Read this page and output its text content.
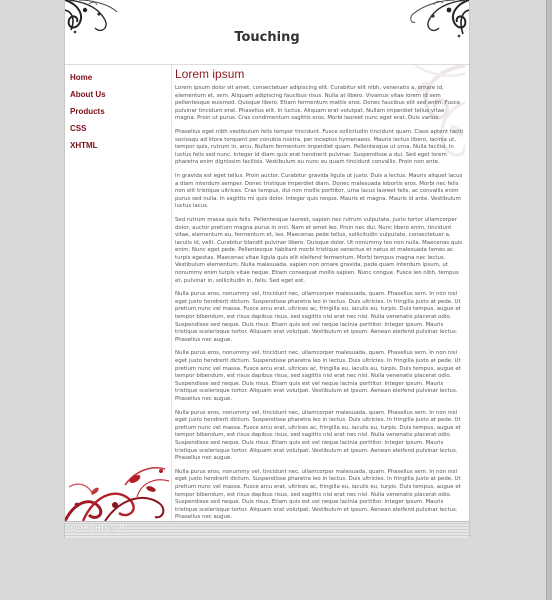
Touching
Home
About Us
Products
CSS
XHTML
Lorem ipsum

Lorem ipsum dolor sit amet, consectetuer adipiscing elit. Curabitur elit nibh, venenatis a, ornare id, elementum et, sem. Aliquam adipiscing faucibus risus. Nulla at libero. Vivamus vitae lorem id sem pellentesque euismod. Quisque libero. Etiam fermentum mattis eros. Donec faucibus elit sed enim. Fusce pulvinar tincidunt erat. Phasellus elit. In luctus. Aliquam erat volutpat. Nullam imperdiet tellus vitae magna. Proin ut purus. Cras condimentum sagittis eros. Morbi laoreet nunc eget erat. Duis varius.

Phasellus eget nibh vestibulum felis tempor tincidunt. Fusce sollicitudin tincidunt quam. Class aptent taciti sociosqu ad litora torquent per conubia nostra, per inceptos hymenaeos. Mauris lectus libero, lacinia ut, tempor quis, rutrum in, arcu. Nullam fermentum imperdiet quam. Pellentesque ut urna. Nulla facilisi. In luctus felis sed nunc. Integer id diam quis erat hendrerit pulvinar. Suspendisse a dui. Sed eget lorem pharetra enim dignissim facilisis. Vestibulum eu nunc eu quam tincidunt convallis. Proin non ante.

In gravida est eget tellus. Proin auctor. Curabitur gravida ligula ut justo. Duis a lectus. Mauris aliquet lacus a diam interdum semper. Donec tristique imperdiet diam. Donec malesuada lobortis eros. Morbi nec felis non elit tristique ultrices. Cras tempus, dui non mollis porttitor, urna lacus laoreet felis, ac convallis enim purus sed nulla. In sagittis mi quis dolor. Integer quis neque. Mauris et magna. Mauris id ante. Vestibulum luctus lacus.

Sed rutrum massa quis felis. Pellentesque laoreet, sapien nec rutrum vulputate, justo tortor ullamcorper dolor, auctor pretium magna purus in orci. Nam et amet leo. Proin nec dui. Nunc libero enim, tincidunt vitae, elementum eu, fermentum et, leo. Maecenas pede tellus, sollicitudin vulputate, consectetuer a, iaculis id, velit. Curabitur blandit pulvinar libero. Quisque dolor. Ut nonummy leo non nulla. Maecenas quis enim. Nunc eget pede. Pellentesque habitant morbi tristique senectus et netus et malesuada fames ac turpis egestas. Maecenas vitae ligula quis elit eleifend fermentum. Morbi tempus magna nec lectus. Vestibulum elementum. Nulla malesuada, sapien non ornare gravida, pede quam interdum ipsum, ut nonummy enim turpis vitae neque. Etiam consequat mollis sapien. Nunc congue. Fusce leo nibh, tempus et, pulvinar in, sollicitudin in, felis. Sed eget est.

Nulla purus eros, nonummy vel, tincidunt nec, ullamcorper malesuada, quam. Phasellus sem. In non nisl eget justo hendrerit dictum. Suspendisse pharetra leo in lectus. Duis ultricies. In fringilla justo at pede. Ut pretium nunc vel massa. Fusce arcu erat, ultrices ac, fringilla eu, iaculis eu, turpis. Duis tempus, augue et tempor bibendum, est risus dapibus risus, sed sagittis nisl erat nec nisl. Nulla venenatis placerat odio. Suspendisse sed neque. Duis risus. Etiam quis est vel neque lacinia porttitor. Integer ipsum. Mauris tristique scelerisque tortor. Aliquam erat volutpat. Vestibulum et ipsum. Aenean eleifend pulvinar lectus. Phasellus nec augue.

Nulla purus eros, nonummy vel, tincidunt nec, ullamcorper malesuada, quam. Phasellus sem. In non nisl eget justo hendrerit dictum. Suspendisse pharetra leo in lectus. Duis ultricies. In fringilla justo at pede. Ut pretium nunc vel massa. Fusce arcu erat, ultrices ac, fringilla eu, iaculis eu, turpis. Duis tempus, augue et tempor bibendum, est risus dapibus risus, sed sagittis nisl erat nec nisl. Nulla venenatis placerat odio. Suspendisse sed neque. Duis risus. Etiam quis est vel neque lacinia porttitor. Integer ipsum. Mauris tristique scelerisque tortor. Aliquam erat volutpat. Vestibulum et ipsum. Aenean eleifend pulvinar lectus. Phasellus nec augue.

Nulla purus eros, nonummy vel, tincidunt nec, ullamcorper malesuada, quam. Phasellus sem. In non nisl eget justo hendrerit dictum. Suspendisse pharetra leo in lectus. Duis ultricies. In fringilla justo at pede. Ut pretium nunc vel massa. Fusce arcu erat, ultrices ac, fringilla eu, iaculis eu, turpis. Duis tempus, augue et tempor bibendum, est risus dapibus risus, sed sagittis nisl erat nec nisl. Nulla venenatis placerat odio. Suspendisse sed neque. Duis risus. Etiam quis est vel neque lacinia porttitor. Integer ipsum. Mauris tristique scelerisque tortor. Aliquam erat volutpat. Vestibulum et ipsum. Aenean eleifend pulvinar lectus. Phasellus nec augue.

Nulla purus eros, nonummy vel, tincidunt nec, ullamcorper malesuada, quam. Phasellus sem. In non nisl eget justo hendrerit dictum. Suspendisse pharetra leo in lectus. Duis ultricies. In fringilla justo at pede. Ut pretium nunc vel massa. Fusce arcu erat, ultrices ac, fringilla eu, iaculis eu, turpis. Duis tempus, augue et tempor bibendum, est risus dapibus risus, sed sagittis nisl erat nec nisl. Nulla venenatis placerat odio. Suspendisse sed neque. Duis risus. Etiam quis est vel neque lacinia porttitor. Integer ipsum. Mauris tristique scelerisque tortor. Aliquam erat volutpat. Vestibulum et ipsum. Aenean eleifend pulvinar lectus. Phasellus nec augue.

COPYRIGHTS@TM
